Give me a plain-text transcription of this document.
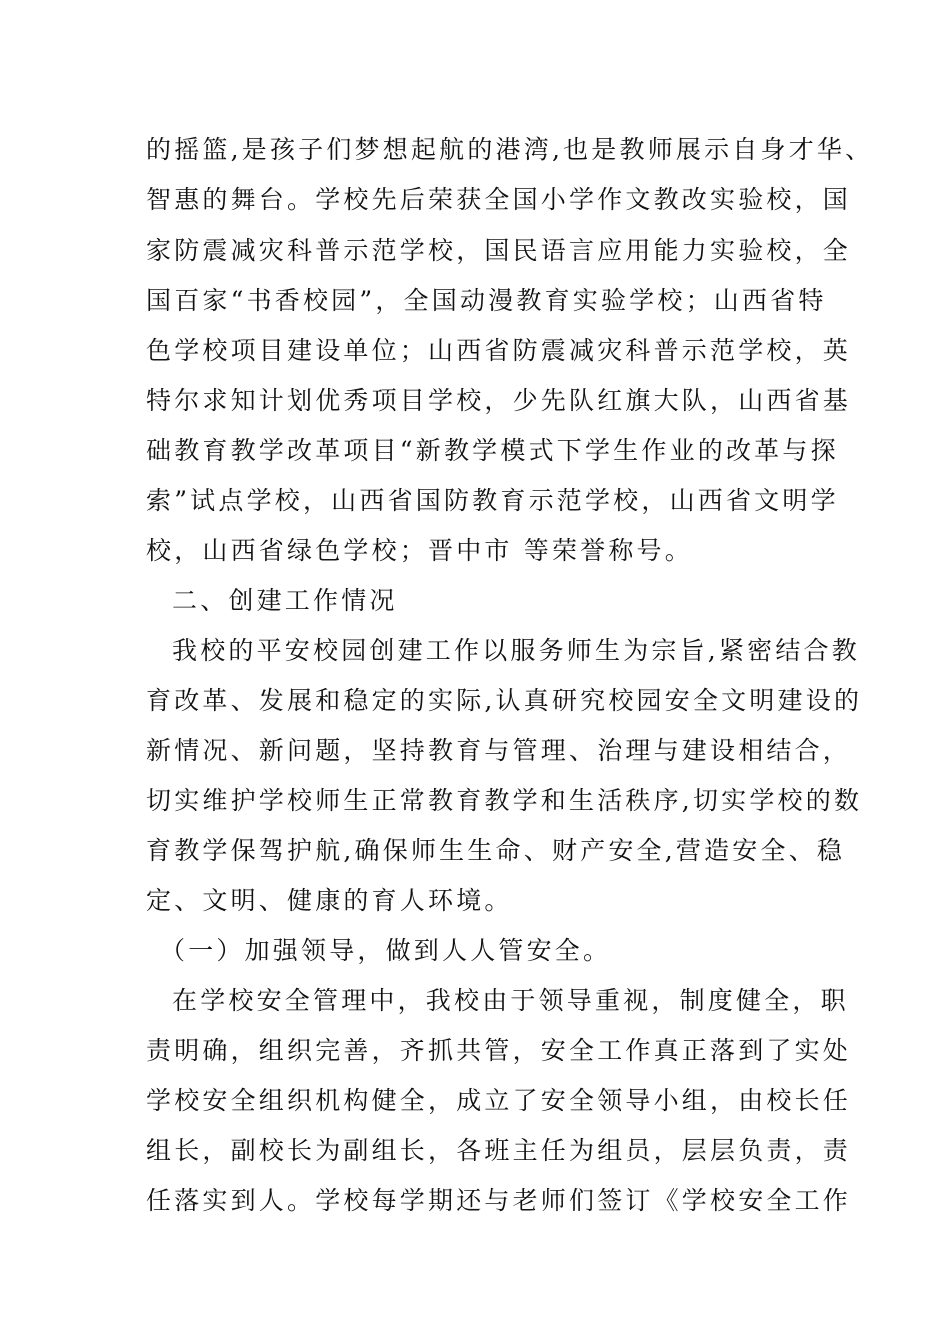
的摇篮,是孩子们梦想起航的港湾,也是教师展示自身才华、
智惠的舞台。学校先后荣获全国小学作文教改实验校，国
家防震减灾科普示范学校，国民语言应用能力实验校，全
国百家“书香校园”，全国动漫教育实验学校；山西省特
色学校项目建设单位；山西省防震减灾科普示范学校，英
特尔求知计划优秀项目学校，少先队红旗大队，山西省基
础教育教学改革项目“新教学模式下学生作业的改革与探
索”试点学校，山西省国防教育示范学校，山西省文明学
校，山西省绿色学校；晋中市 等荣誉称号。
二、创建工作情况
我校的平安校园创建工作以服务师生为宗旨,紧密结合教
育改革、发展和稳定的实际,认真研究校园安全文明建设的
新情况、新问题，坚持教育与管理、治理与建设相结合，
切实维护学校师生正常教育教学和生活秩序,切实学校的数
育教学保驾护航,确保师生生命、财产安全,营造安全、稳
定、文明、健康的育人环境。
（一）加强领导，做到人人管安全。
在学校安全管理中，我校由于领导重视，制度健全，职
责明确，组织完善，齐抓共管，安全工作真正落到了实处
学校安全组织机构健全，成立了安全领导小组，由校长任
组长，副校长为副组长，各班主任为组员，层层负责，责
任落实到人。学校每学期还与老师们签订《学校安全工作
